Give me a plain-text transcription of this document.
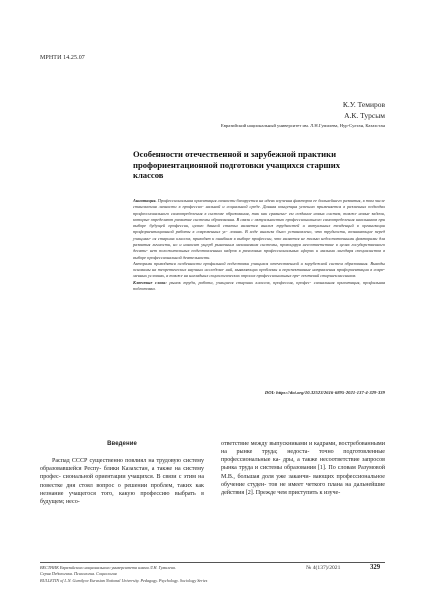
МРНТИ 14.25.07
К.У. Темиров
А.К. Турсым
Евразийский национальный университет им. Л.Н.Гумилева, Нур-Султан, Казахстан
Особенности отечественной и зарубежной практики
профориентационной подготовки учащихся старших
классов

Аннотация. Профессиональная ориентация личности базируется на идеях изучения факторов ее дальнейшего развития, в том числе становления личности в профессио- нальной и социальной среде. Данная концепция успешно применяется в различных подходах профессионального самоопределения в системе образования, так как сравнени- ем создание новых систем, также новые задачи, которые определяют развитие системы образования. В связи с актуальностью профессионального самоопределения школьников при выборе будущей профессии, целью данной статьи является анализ трудностей и актуальных тенденций в организации профориентационной работы в современных ус- ловиях. В ходе анализа было установлено, что трудности, возникающие перед учащими- ся старших классов, приводят к ошибкам в выборе профессии, что является не только недостаточными факторами для развития личности, но и наносит ущерб рыночным механизмам системы, провоцируя несоответствие в целях государственного десяти- нет положительных подготовленных кадров в различных профессиональных сферах и малыми лагодаря специалистов в выборе профессиональной деятельности.

Авторами приводятся особенности профильной подготовки учащихся отечественной и зарубежной систем образования. Выводы основаны на теоретических научных исследова- ний, выявляющих проблемы и перспективные направления профориентации в совре- менных условиях, а также на наглядных социологических опросах профессиональных пре- почтений старшеклассников.

Ключевые слова: рынок труда, работа, учащиеся старших классов, профессия, профес- сиональная ориентация, профильная подготовка.

DOI: https://doi.org/10.32523/2616-6895-2021-137-4-329-339
Введение

Распад СССР существенно повлиял на трудовую систему образовавшейся Респу- блики Казахстан, а также на систему профес- сиональной ориентации учащихся. В связи с этим на повестке дня стоял вопрос о решении проблем, таких как незнание учащегося того, какую профессию выбрать в будущем; несо-

ответствие между выпускниками и кадрами, востребованными на рынке труда; недоста- точно подготовленные профессиональные ка- дры, а также несоответствие запросов рынка труда и системы образования [1]. По словам Разумовой М.В., большая доля уже заканчи- вающих профессиональное обучение студен- тов не имеет четкого плана на дальнейшие действия [2]. Прежде чем приступить к изуче-
ВЕСТНИК Евразийского национального университета имени Л.Н. Гумилева.
Серия Педагогика. Психология. Социология
BULLETIN of L.N. Gumilyov Eurasian National University. Pedagogy. Psychology. Sociology Series
№ 4(137)/2021	329
